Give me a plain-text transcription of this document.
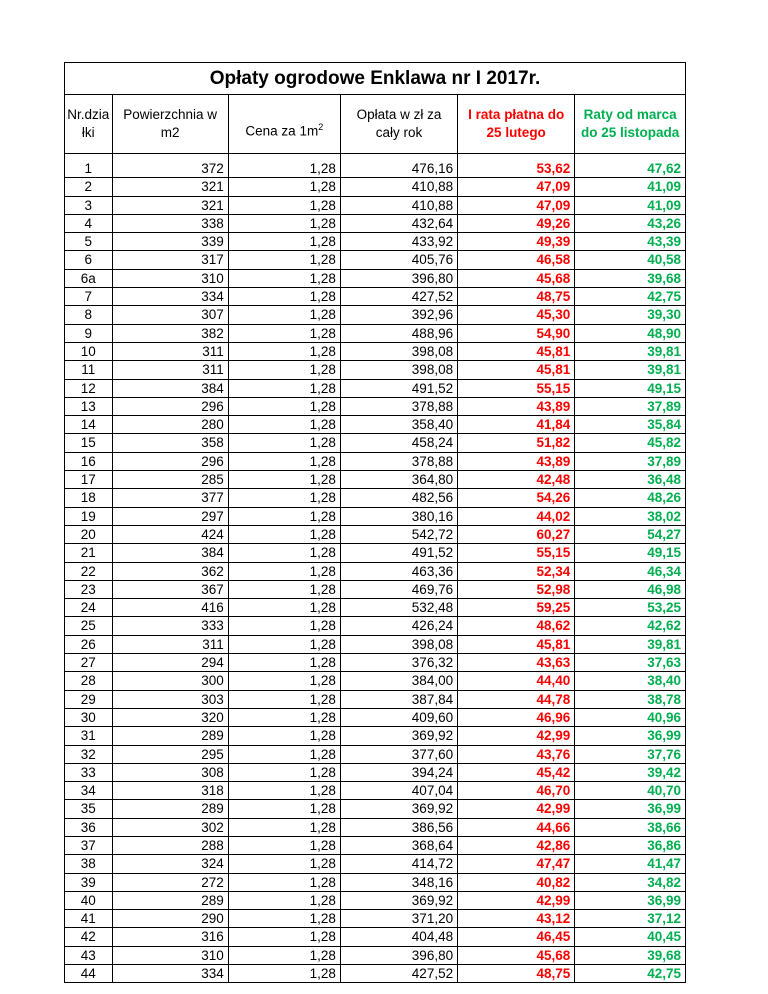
Opłaty ogrodowe Enklawa nr I 2017r.
Nr.dzia łki	Powierzchnia w m2	Cena za $1m^2$	Opłata w zł za cały rok	I rata płatna do 25 lutego	Raty od marca do 25 listopada

1	372	1,28	476,16	53,62	47,62
2	321	1,28	410,88	47,09	41,09
3	321	1,28	410,88	47,09	41,09
4	338	1,28	432,64	49,26	43,26
5	339	1,28	433,92	49,39	43,39
6	317	1,28	405,76	46,58	40,58
6a	310	1,28	396,80	45,68	39,68
7	334	1,28	427,52	48,75	42,75
8	307	1,28	392,96	45,30	39,30
9	382	1,28	488,96	54,90	48,90
10	311	1,28	398,08	45,81	39,81
11	311	1,28	398,08	45,81	39,81
12	384	1,28	491,52	55,15	49,15
13	296	1,28	378,88	43,89	37,89
14	280	1,28	358,40	41,84	35,84
15	358	1,28	458,24	51,82	45,82
16	296	1,28	378,88	43,89	37,89
17	285	1,28	364,80	42,48	36,48
18	377	1,28	482,56	54,26	48,26
19	297	1,28	380,16	44,02	38,02
20	424	1,28	542,72	60,27	54,27
21	384	1,28	491,52	55,15	49,15
22	362	1,28	463,36	52,34	46,34
23	367	1,28	469,76	52,98	46,98
24	416	1,28	532,48	59,25	53,25
25	333	1,28	426,24	48,62	42,62
26	311	1,28	398,08	45,81	39,81
27	294	1,28	376,32	43,63	37,63
28	300	1,28	384,00	44,40	38,40
29	303	1,28	387,84	44,78	38,78
30	320	1,28	409,60	46,96	40,96
31	289	1,28	369,92	42,99	36,99
32	295	1,28	377,60	43,76	37,76
33	308	1,28	394,24	45,42	39,42
34	318	1,28	407,04	46,70	40,70
35	289	1,28	369,92	42,99	36,99
36	302	1,28	386,56	44,66	38,66
37	288	1,28	368,64	42,86	36,86
38	324	1,28	414,72	47,47	41,47
39	272	1,28	348,16	40,82	34,82
40	289	1,28	369,92	42,99	36,99
41	290	1,28	371,20	43,12	37,12
42	316	1,28	404,48	46,45	40,45
43	310	1,28	396,80	45,68	39,68
44	334	1,28	427,52	48,75	42,75
